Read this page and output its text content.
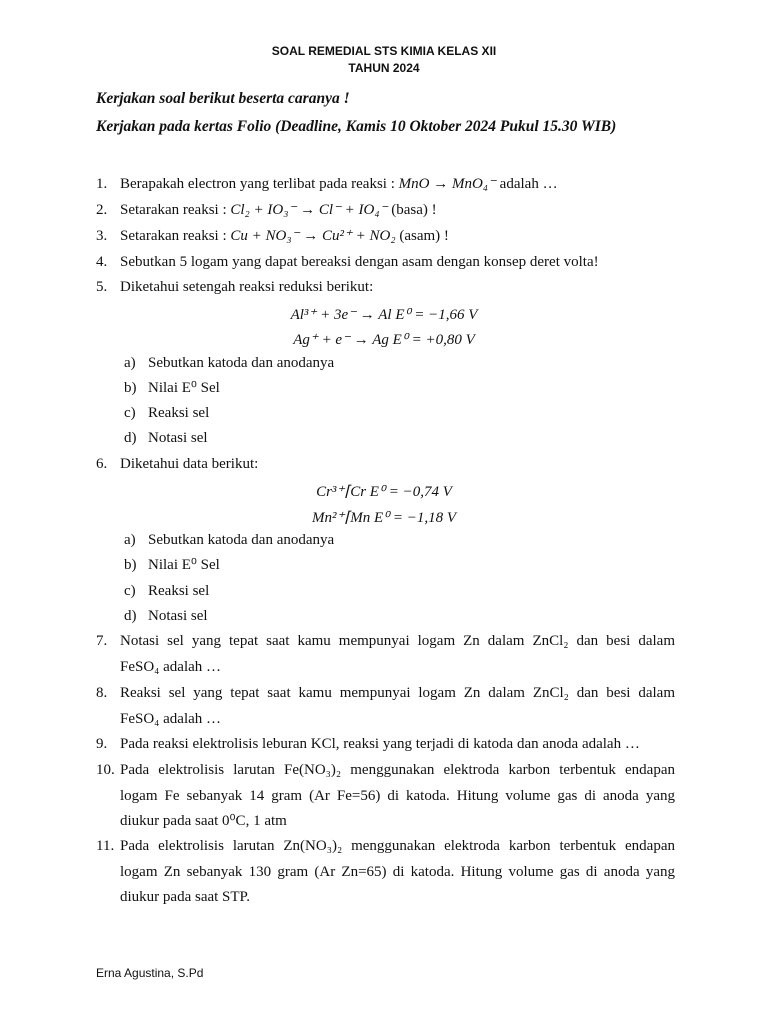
SOAL REMEDIAL STS KIMIA KELAS XII
TAHUN 2024
Kerjakan soal berikut beserta caranya !
Kerjakan pada kertas Folio (Deadline, Kamis 10 Oktober 2024 Pukul 15.30 WIB)
1. Berapakah electron yang terlibat pada reaksi : MnO → MnO₄⁻ adalah …
2. Setarakan reaksi : Cl₂ + IO₃⁻ → Cl⁻ + IO₄⁻ (basa) !
3. Setarakan reaksi : Cu + NO₃⁻ → Cu²⁺ + NO₂ (asam) !
4. Sebutkan 5 logam yang dapat bereaksi dengan asam dengan konsep deret volta!
5. Diketahui setengah reaksi reduksi berikut:
Al³⁺ + 3e⁻ → Al E⁰ = −1,66 V
Ag⁺ + e⁻ → Ag E⁰ = +0,80 V
a) Sebutkan katoda dan anodanya
b) Nilai E⁰ Sel
c) Reaksi sel
d) Notasi sel
6. Diketahui data berikut:
Cr³⁺⌈Cr E⁰ = −0,74 V
Mn²⁺⌈Mn E⁰ = −1,18 V
a) Sebutkan katoda dan anodanya
b) Nilai E⁰ Sel
c) Reaksi sel
d) Notasi sel
7. Notasi sel yang tepat saat kamu mempunyai logam Zn dalam ZnCl₂ dan besi dalam
FeSO₄ adalah …
8. Reaksi sel yang tepat saat kamu mempunyai logam Zn dalam ZnCl₂ dan besi dalam
FeSO₄ adalah …
9. Pada reaksi elektrolisis leburan KCl, reaksi yang terjadi di katoda dan anoda adalah …
10. Pada elektrolisis larutan Fe(NO₃)₂ menggunakan elektroda karbon terbentuk endapan
logam Fe sebanyak 14 gram (Ar Fe=56) di katoda. Hitung volume gas di anoda yang
diukur pada saat 0⁰C, 1 atm
11. Pada elektrolisis larutan Zn(NO₃)₂ menggunakan elektroda karbon terbentuk endapan
logam Zn sebanyak 130 gram (Ar Zn=65) di katoda. Hitung volume gas di anoda yang
diukur pada saat STP.
Erna Agustina, S.Pd
